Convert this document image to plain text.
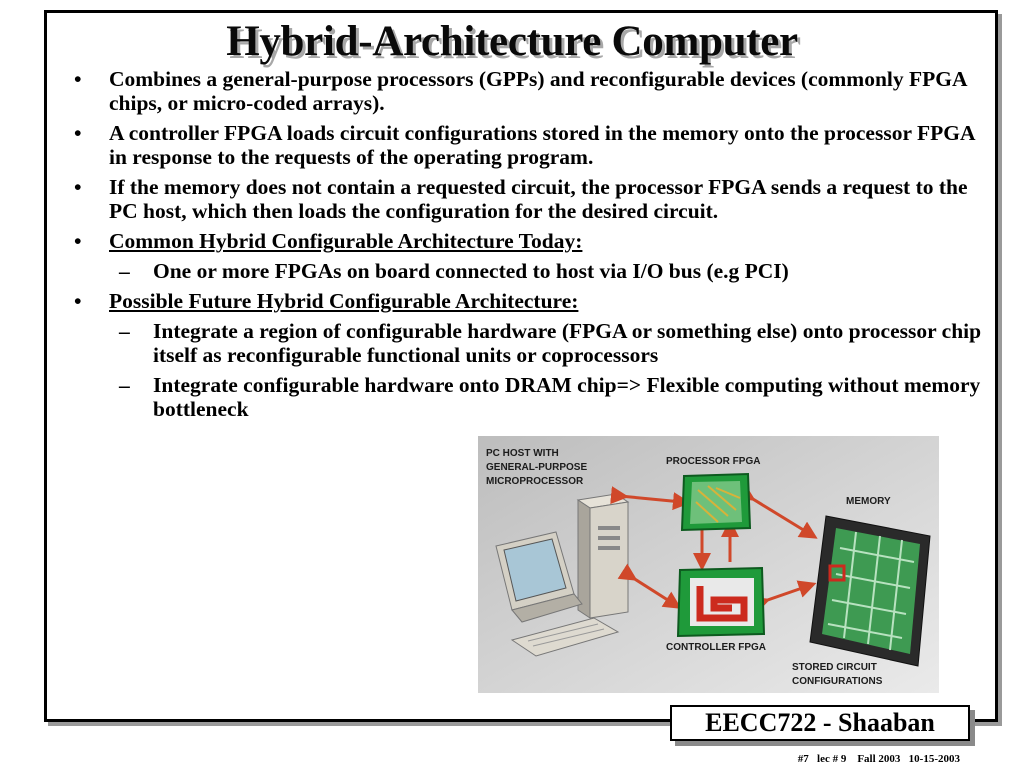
Hybrid-Architecture Computer
• Combines a general-purpose processors (GPPs) and reconfigurable devices (commonly FPGA chips, or micro-coded arrays).
• A controller FPGA loads circuit configurations stored in the memory onto the processor FPGA in response to the requests of the operating program.
• If the memory does not contain a requested circuit, the processor FPGA sends a request to the PC host, which then loads the configuration for the desired circuit.
• Common Hybrid Configurable Architecture Today:
– One or more FPGAs on board connected to host via I/O bus (e.g PCI)
• Possible Future Hybrid Configurable Architecture:
– Integrate a region of configurable hardware (FPGA or something else) onto processor chip itself as reconfigurable functional units or coprocessors
– Integrate configurable hardware onto DRAM chip=> Flexible computing without memory bottleneck
PC HOST WITH
GENERAL-PURPOSE
MICROPROCESSOR
PROCESSOR FPGA
MEMORY
CONTROLLER FPGA
STORED CIRCUIT
CONFIGURATIONS
EECC722 - Shaaban
#7   lec # 9    Fall 2003   10-15-2003
